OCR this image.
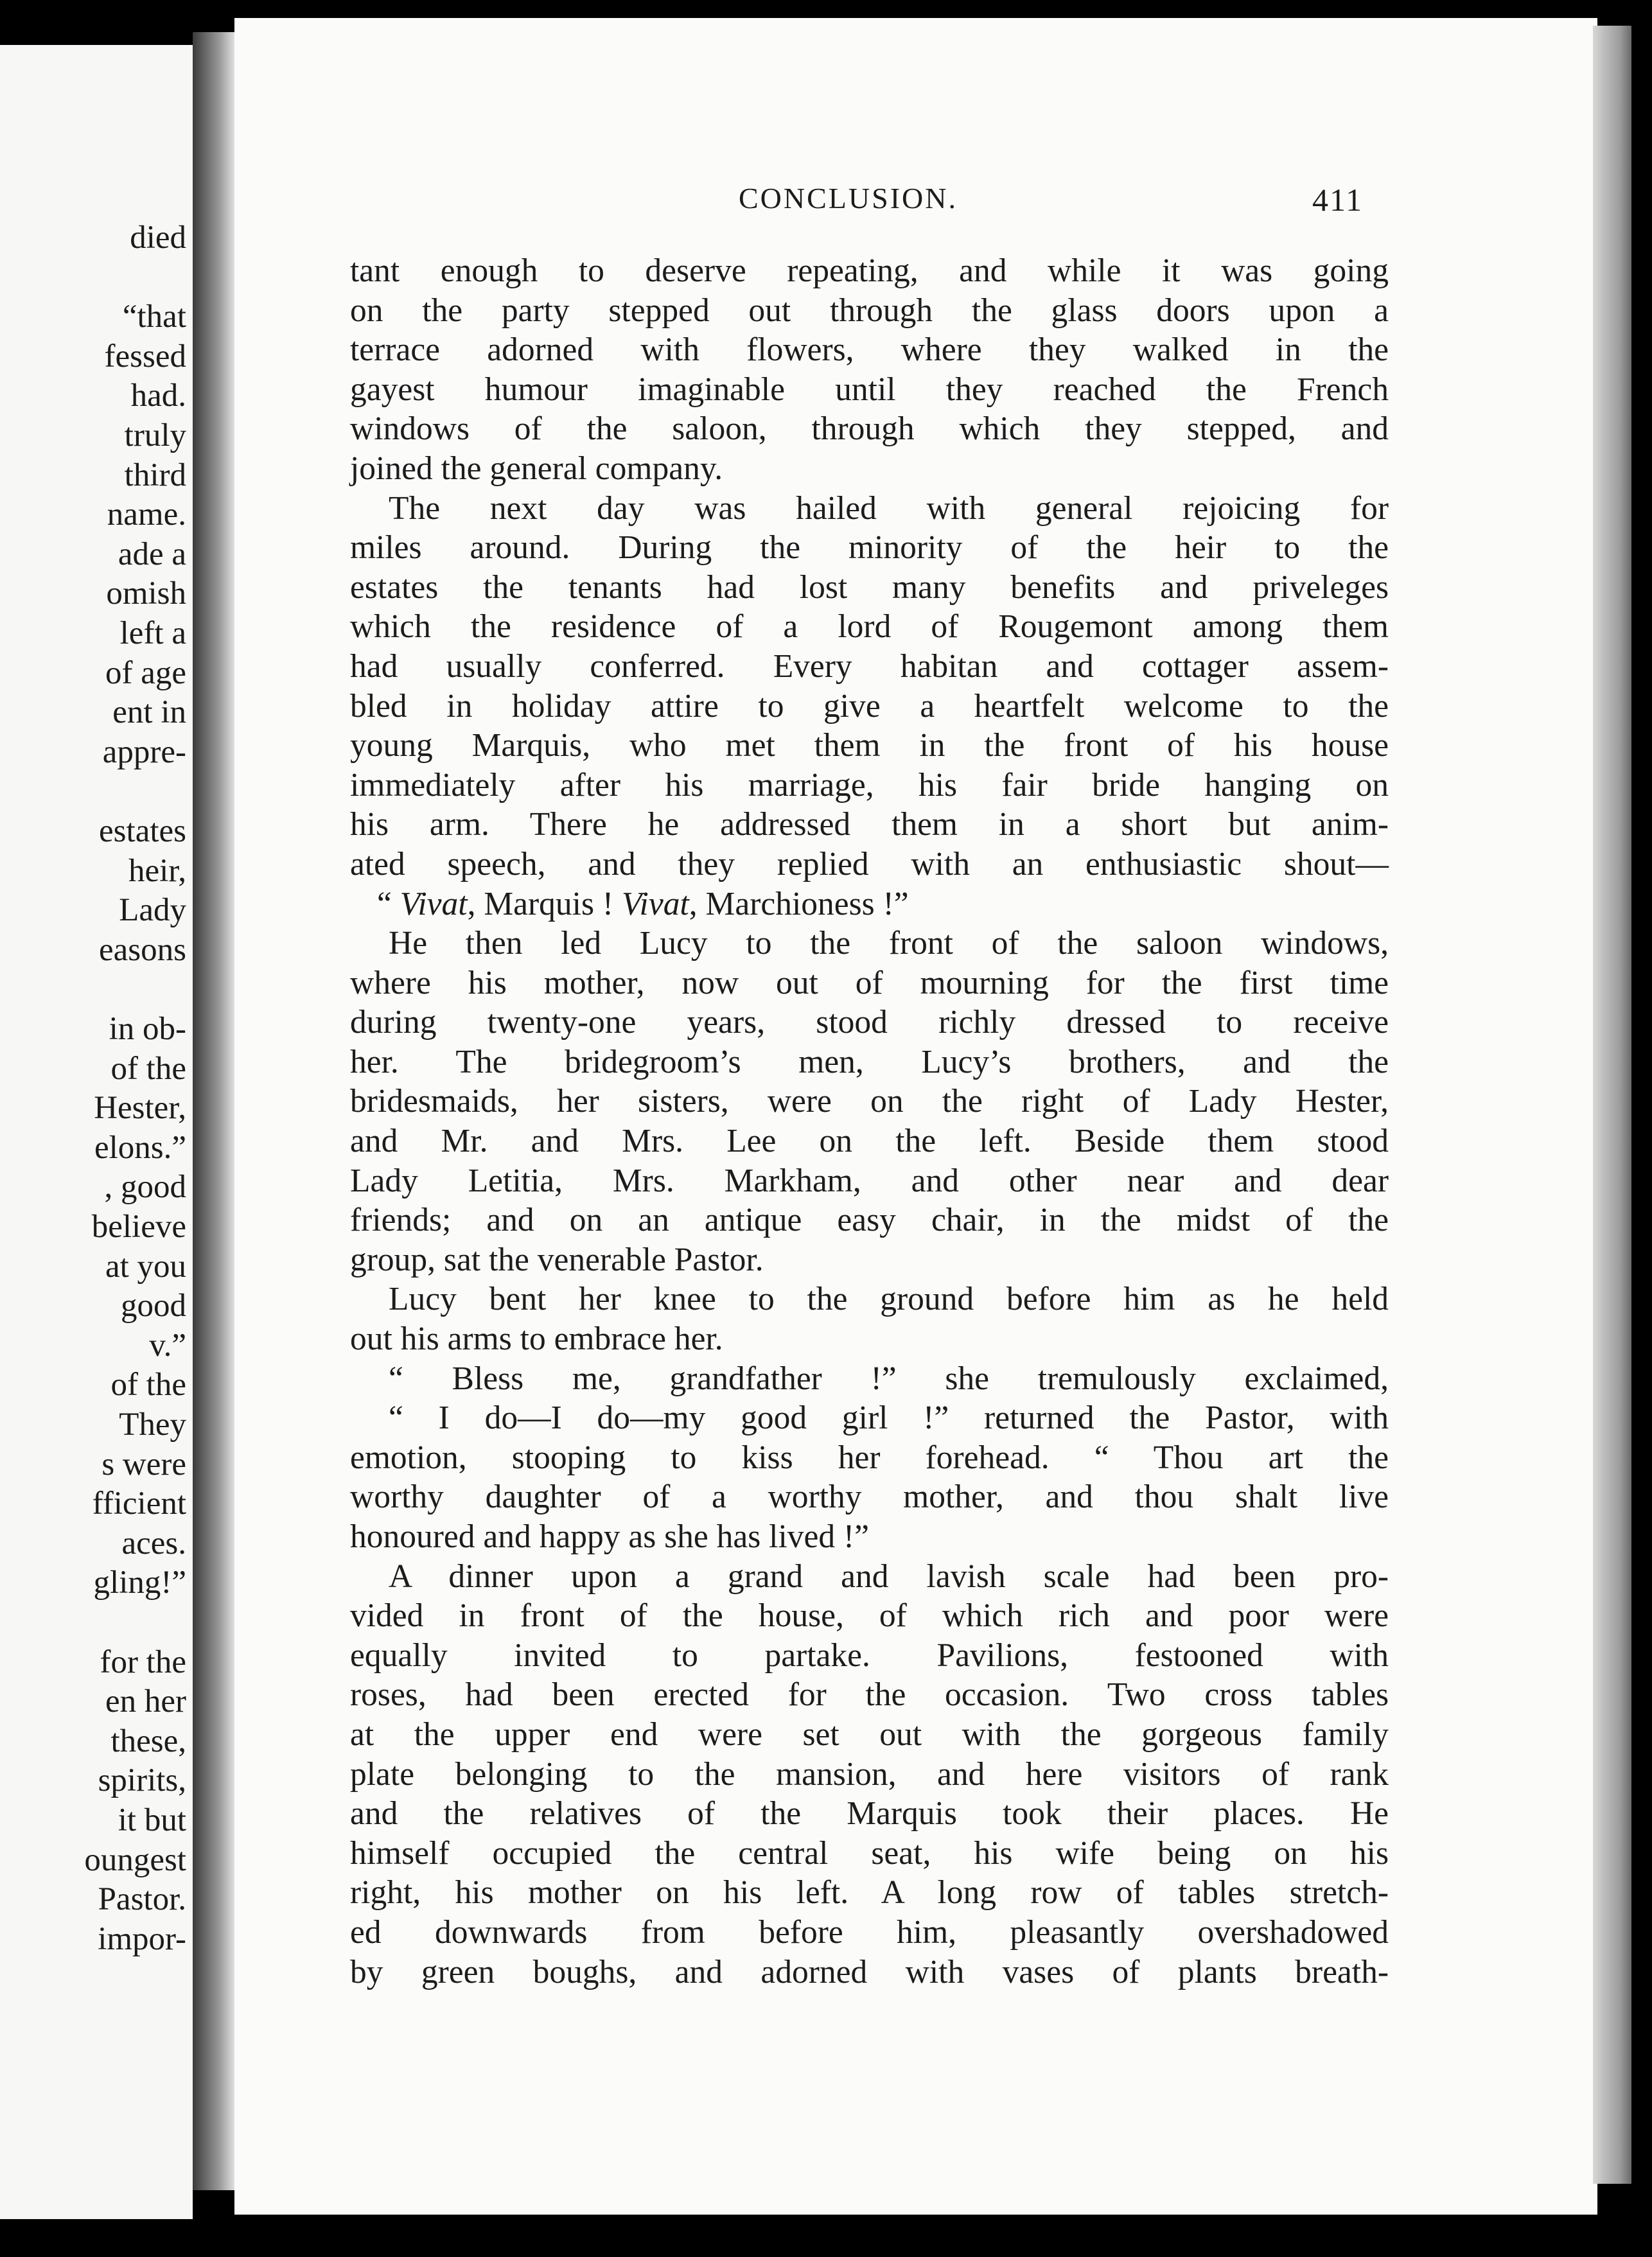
died
“that
fessed
had.
truly
third
name.
ade a
omish
left a
of age
ent in
appre-
estates
heir,
Lady
easons
in ob-
of the
Hester,
elons.”
, good
believe
at you
good
v.”
of the
They
s were
fficient
aces.
gling!”
for the
en her
these,
spirits,
it but
oungest
Pastor.
impor-
CONCLUSION.	411
tant enough to deserve repeating, and while it was going
on the party stepped out through the glass doors upon a
terrace adorned with flowers, where they walked in the
gayest humour imaginable until they reached the French
windows of the saloon, through which they stepped, and
joined the general company.
The next day was hailed with general rejoicing for
miles around. During the minority of the heir to the
estates the tenants had lost many benefits and priveleges
which the residence of a lord of Rougemont among them
had usually conferred. Every habitan and cottager assem-
bled in holiday attire to give a heartfelt welcome to the
young Marquis, who met them in the front of his house
immediately after his marriage, his fair bride hanging on
his arm. There he addressed them in a short but anim-
ated speech, and they replied with an enthusiastic shout—
“ Vivat, Marquis ! Vivat, Marchioness !”
He then led Lucy to the front of the saloon windows,
where his mother, now out of mourning for the first time
during twenty-one years, stood richly dressed to receive
her. The bridegroom’s men, Lucy’s brothers, and the
bridesmaids, her sisters, were on the right of Lady Hester,
and Mr. and Mrs. Lee on the left. Beside them stood
Lady Letitia, Mrs. Markham, and other near and dear
friends; and on an antique easy chair, in the midst of the
group, sat the venerable Pastor.
Lucy bent her knee to the ground before him as he held
out his arms to embrace her.
“ Bless me, grandfather !” she tremulously exclaimed,
“ I do—I do—my good girl !” returned the Pastor, with
emotion, stooping to kiss her forehead. “ Thou art the
worthy daughter of a worthy mother, and thou shalt live
honoured and happy as she has lived !”
A dinner upon a grand and lavish scale had been pro-
vided in front of the house, of which rich and poor were
equally invited to partake. Pavilions, festooned with
roses, had been erected for the occasion. Two cross tables
at the upper end were set out with the gorgeous family
plate belonging to the mansion, and here visitors of rank
and the relatives of the Marquis took their places. He
himself occupied the central seat, his wife being on his
right, his mother on his left. A long row of tables stretch-
ed downwards from before him, pleasantly overshadowed
by green boughs, and adorned with vases of plants breath-
